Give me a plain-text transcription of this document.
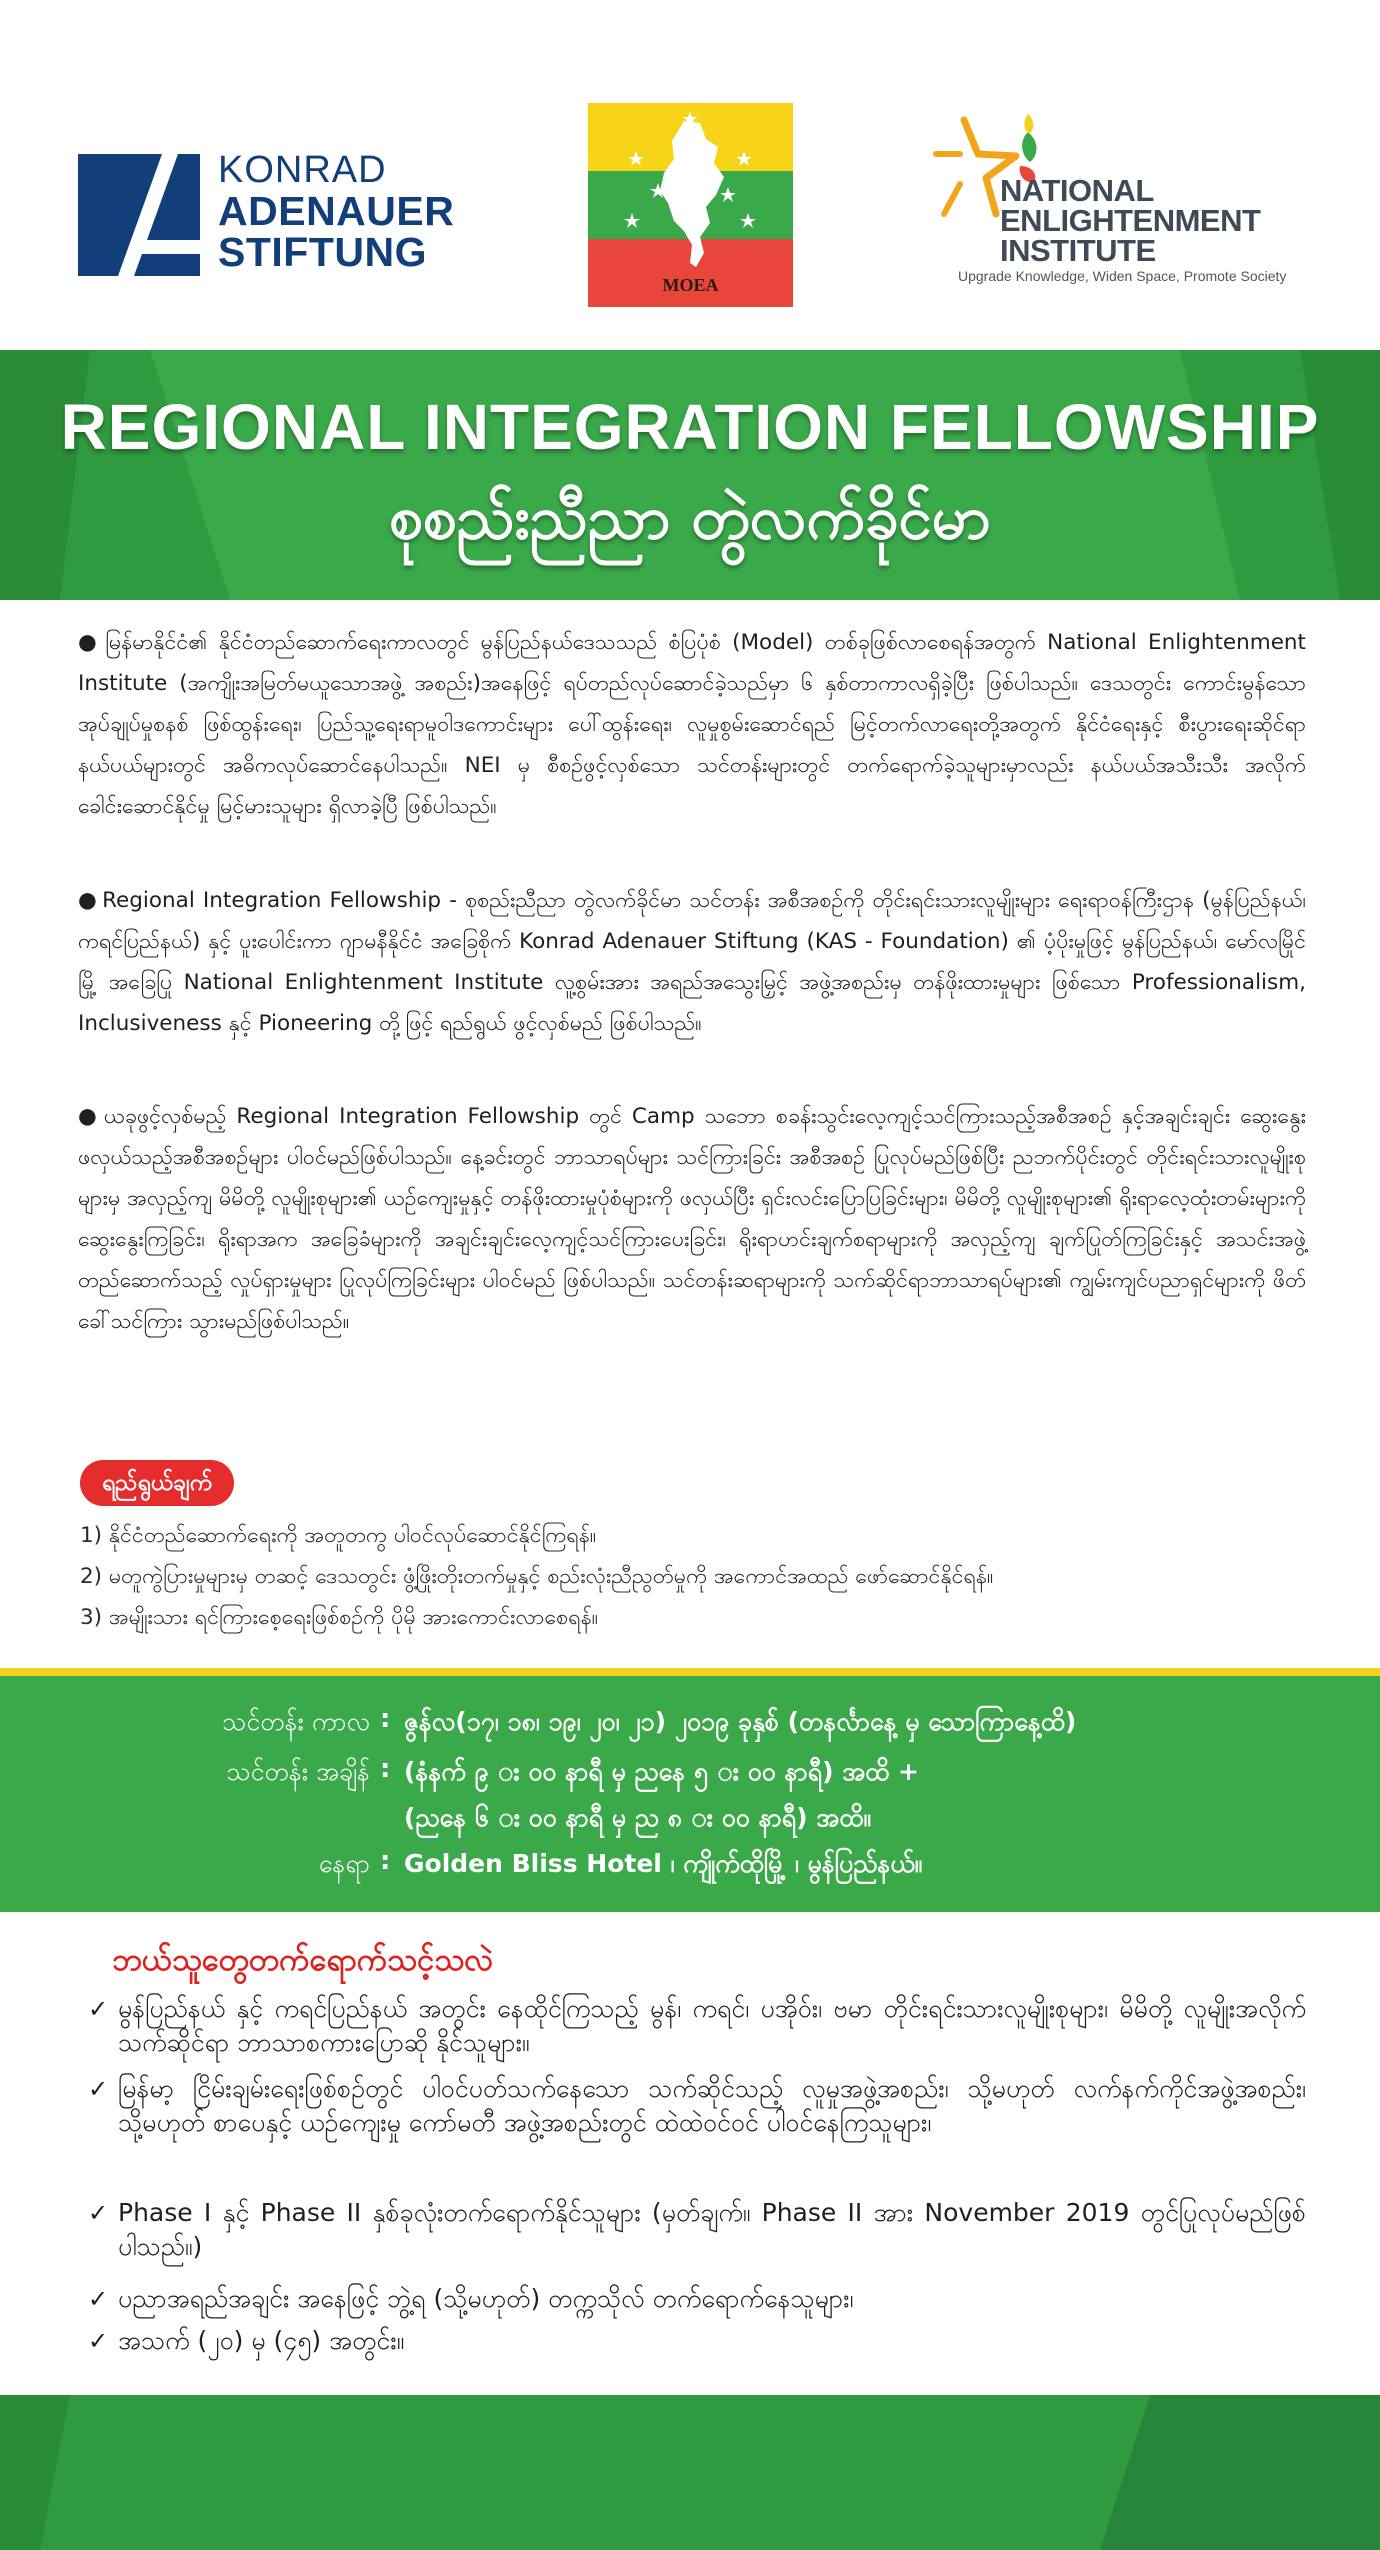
KONRAD
ADENAUER
STIFTUNG
MOEA
NATIONAL
ENLIGHTENMENT
INSTITUTE
Upgrade Knowledge, Widen Space, Promote Society
REGIONAL INTEGRATION FELLOWSHIP
စုစည်းညီညာ တွဲလက်ခိုင်မာ
● မြန်မာနိုင်ငံ၏ နိုင်ငံတည်ဆောက်ရေးကာလတွင် မွန်ပြည်နယ်ဒေသသည် စံပြပုံစံ (Model) တစ်ခုဖြစ်လာစေရန်အတွက် National Enlightenment Institute (အကျိုးအမြတ်မယူသောအဖွဲ့ အစည်း)အနေဖြင့် ရပ်တည်လုပ်ဆောင်ခဲ့သည်မှာ ၆ နှစ်တာကာလရှိခဲ့ပြီး ဖြစ်ပါသည်။ ဒေသတွင်း ကောင်းမွန်သော အုပ်ချုပ်မှုစနစ် ဖြစ်ထွန်းရေး၊ ပြည်သူ့ရေးရာမူဝါဒကောင်းများ ပေါ်ထွန်းရေး၊ လူမှုစွမ်းဆောင်ရည် မြင့်တက်လာရေးတို့အတွက် နိုင်ငံရေးနှင့် စီးပွားရေးဆိုင်ရာ နယ်ပယ်များတွင် အဓိကလုပ်ဆောင်နေပါသည်။ NEI မှ စီစဉ်ဖွင့်လှစ်သော သင်တန်းများတွင် တက်ရောက်ခဲ့သူများမှာလည်း နယ်ပယ်အသီးသီး အလိုက် ခေါင်းဆောင်နိုင်မှု မြင့်မားသူများ ရှိလာခဲ့ပြီ ဖြစ်ပါသည်။
● Regional Integration Fellowship - စုစည်းညီညာ တွဲလက်ခိုင်မာ သင်တန်း အစီအစဉ်ကို တိုင်းရင်းသားလူမျိုးများ ရေးရာဝန်ကြီးဌာန (မွန်ပြည်နယ်၊ ကရင်ပြည်နယ်) နှင့် ပူးပေါင်းကာ ဂျာမနီနိုင်ငံ အခြေစိုက် Konrad Adenauer Stiftung (KAS - Foundation) ၏ ပံ့ပိုးမှုဖြင့် မွန်ပြည်နယ်၊ မော်လမြိုင်မြို့ အခြေပြု National Enlightenment Institute လူ့စွမ်းအား အရည်အသွေးမြှင့် အဖွဲ့အစည်းမှ တန်ဖိုးထားမှုများ ဖြစ်သော Professionalism, Inclusiveness နှင့် Pioneering တို့ဖြင့် ရည်ရွယ် ဖွင့်လှစ်မည် ဖြစ်ပါသည်။
● ယခုဖွင့်လှစ်မည့် Regional Integration Fellowship တွင် Camp သဘော စခန်းသွင်းလေ့ကျင့်သင်ကြားသည့်အစီအစဉ် နှင့်အချင်းချင်း ဆွေးနွေးဖလှယ်သည့်အစီအစဉ်များ ပါဝင်မည်ဖြစ်ပါသည်။ နေ့ခင်းတွင် ဘာသာရပ်များ သင်ကြားခြင်း အစီအစဉ် ပြုလုပ်မည်ဖြစ်ပြီး ညဘက်ပိုင်းတွင် တိုင်းရင်းသားလူမျိုးစုများမှ အလှည့်ကျ မိမိတို့ လူမျိုးစုများ၏ ယဉ်ကျေးမှုနှင့် တန်ဖိုးထားမှုပုံစံများကို ဖလှယ်ပြီး ရှင်းလင်းပြောပြခြင်းများ၊ မိမိတို့ လူမျိုးစုများ၏ ရိုးရာလေ့ထုံးတမ်းများကို ဆွေးနွေးကြခြင်း၊ ရိုးရာအက အခြေခံများကို အချင်းချင်းလေ့ကျင့်သင်ကြားပေးခြင်း၊ ရိုးရာဟင်းချက်စရာများကို အလှည့်ကျ ချက်ပြုတ်ကြခြင်းနှင့် အသင်းအဖွဲ့ တည်ဆောက်သည့် လှုပ်ရှားမှုများ ပြုလုပ်ကြခြင်းများ ပါဝင်မည် ဖြစ်ပါသည်။ သင်တန်းဆရာများကို သက်ဆိုင်ရာဘာသာရပ်များ၏ ကျွမ်းကျင်ပညာရှင်များကို ဖိတ်ခေါ်သင်ကြား သွားမည်ဖြစ်ပါသည်။
ရည်ရွယ်ချက်
1) နိုင်ငံတည်ဆောက်ရေးကို အတူတကွ ပါဝင်လုပ်ဆောင်နိုင်ကြရန်။
2) မတူကွဲပြားမှုများမှ တဆင့် ဒေသတွင်း ဖွံ့ဖြိုးတိုးတက်မှုနှင့် စည်းလုံးညီညွတ်မှုကို အကောင်အထည် ဖော်ဆောင်နိုင်ရန်။
3) အမျိုးသား ရင်ကြားစေ့ရေးဖြစ်စဉ်ကို ပိုမို အားကောင်းလာစေရန်။
သင်တန်း ကာလ : ဇွန်လ(၁၇၊ ၁၈၊ ၁၉၊ ၂၀၊ ၂၁) ၂၀၁၉ ခုနှစ် (တနင်္လာနေ့ မှ သောကြာနေ့ထိ)
သင်တန်း အချိန် : (နံနက် ၉ း ၀၀ နာရီ မှ ညနေ ၅ း ၀၀ နာရီ) အထိ +
(ညနေ ၆ း ၀၀ နာရီ မှ ည ၈ း ၀၀ နာရီ) အထိ။
နေရာ : Golden Bliss Hotel ၊ ကျိုက်ထိုမြို့ ၊ မွန်ပြည်နယ်။
ဘယ်သူတွေတက်ရောက်သင့်သလဲ
✓ မွန်ပြည်နယ် နှင့် ကရင်ပြည်နယ် အတွင်း နေထိုင်ကြသည့် မွန်၊ ကရင်၊ ပအိုဝ်း၊ ဗမာ တိုင်းရင်းသားလူမျိုးစုများ၊ မိမိတို့ လူမျိုးအလိုက် သက်ဆိုင်ရာ ဘာသာစကားပြောဆို နိုင်သူများ။
✓ မြန်မာ့ ငြိမ်းချမ်းရေးဖြစ်စဉ်တွင် ပါဝင်ပတ်သက်နေသော သက်ဆိုင်သည့် လူမှုအဖွဲ့အစည်း၊ သို့မဟုတ် လက်နက်ကိုင်အဖွဲ့အစည်း၊ သို့မဟုတ် စာပေနှင့် ယဉ်ကျေးမှု ကော်မတီ အဖွဲ့အစည်းတွင် ထဲထဲဝင်ဝင် ပါဝင်နေကြသူများ၊
✓ Phase I နှင့် Phase II နှစ်ခုလုံးတက်ရောက်နိုင်သူများ (မှတ်ချက်။ Phase II အား November 2019 တွင်ပြုလုပ်မည်ဖြစ်ပါသည်။)
✓ ပညာအရည်အချင်း အနေဖြင့် ဘွဲ့ရ (သို့မဟုတ်) တက္ကသိုလ် တက်ရောက်နေသူများ၊
✓ အသက် (၂၀) မှ (၄၅) အတွင်း။
